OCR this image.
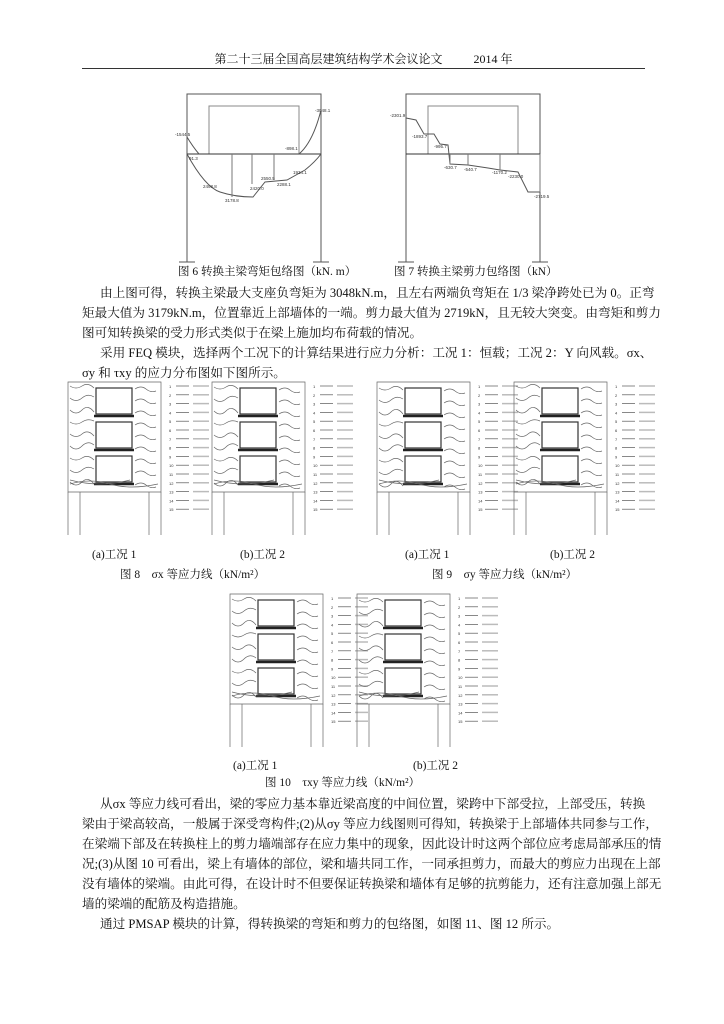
第二十三届全国高层建筑结构学术会议论文	2014 年
-1544.5
91.3
-898.1
-3048.1
2498.8
3178.8
2420.0
2550.5
2288.1
1934.1
图 6 转换主梁弯矩包络图（kN. m）
-2301.9
-1893.7
-995.7
-630.7 -540.7
-1170.2
-2230.0
-2719.5
图 7 转换主梁剪力包络图（kN）
由上图可得，转换主梁最大支座负弯矩为 3048kN.m，且左右两端负弯矩在 1/3 梁净跨处已为 0。正弯
矩最大值为 3179kN.m，位置靠近上部墙体的一端。剪力最大值为 2719kN，且无较大突变。由弯矩和剪力
图可知转换梁的受力形式类似于在梁上施加均布荷载的情况。
采用 FEQ 模块，选择两个工况下的计算结果进行应力分析：工况 1：恒载；工况 2：Y 向风载。σx、
σy 和 τxy 的应力分布图如下图所示。
1
2
3
4
5
6
7
8
9
10
11
12
13
14
15
1
2
3
4
5
6
7
8
9
10
11
12
13
14
15
1
2
3
4
5
6
7
8
9
10
11
12
13
14
15
1
2
3
4
5
6
7
8
9
10
11
12
13
14
15
1
2
3
4
5
6
7
8
9
10
11
12
13
14
15
1
2
3
4
5
6
7
8
9
10
11
12
13
14
15
(a)工况 1	(b)工况 2
图 8　σx 等应力线（kN/m²）
(a)工况 1	(b)工况 2
图 9　σy 等应力线（kN/m²）
(a)工况 1	(b)工况 2
图 10　τxy 等应力线（kN/m²）
从σx 等应力线可看出，梁的零应力基本靠近梁高度的中间位置，梁跨中下部受拉，上部受压，转换
梁由于梁高较高，一般属于深受弯构件;(2)从σy 等应力线图则可得知，转换梁于上部墙体共同参与工作，
在梁端下部及在转换柱上的剪力墙端部存在应力集中的现象，因此设计时这两个部位应考虑局部承压的情
况;(3)从图 10 可看出，梁上有墙体的部位，梁和墙共同工作，一同承担剪力，而最大的剪应力出现在上部
没有墙体的梁端。由此可得，在设计时不但要保证转换梁和墙体有足够的抗剪能力，还有注意加强上部无
墙的梁端的配筋及构造措施。
通过 PMSAP 模块的计算，得转换梁的弯矩和剪力的包络图，如图 11、图 12 所示。
